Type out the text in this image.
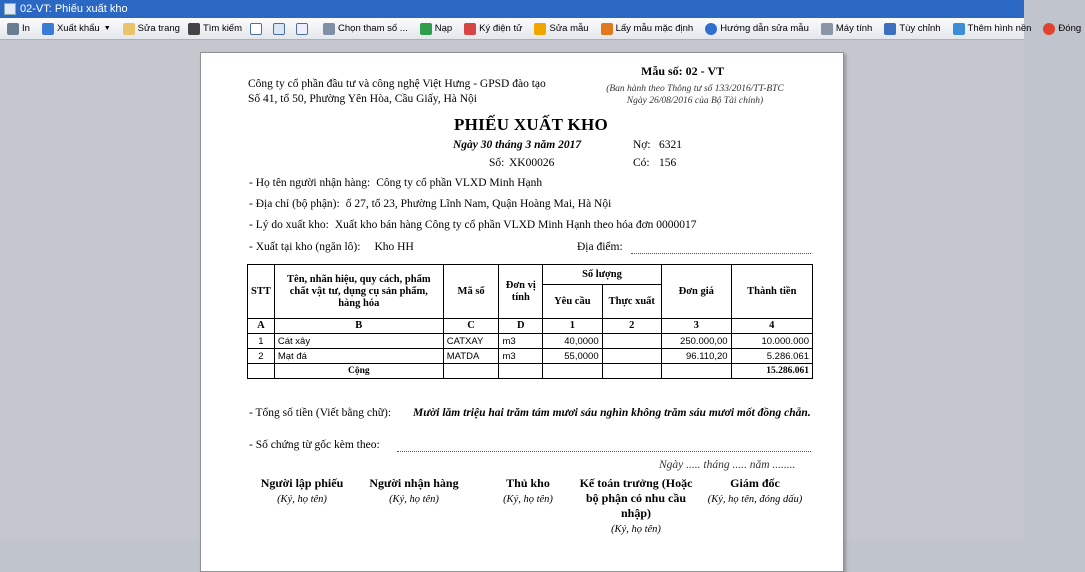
02-VT: Phiếu xuất kho
In	Xuất khẩu ▼	Sửa trang Tìm kiếm	Chọn tham số ...	Nạp	Ký điện tử	Sửa mẫu	Lấy mẫu mặc định	Hướng dẫn sửa mẫu	Máy tính	Tùy chỉnh	Thêm hình nền	Đóng
Công ty cổ phần đầu tư và công nghệ Việt Hưng - GPSD đào tạo
Số 41, tổ 50, Phường Yên Hòa, Cầu Giấy, Hà Nội
Mẫu số: 02 - VT
(Ban hành theo Thông tư số 133/2016/TT-BTC
Ngày 26/08/2016 của Bộ Tài chính)
PHIẾU XUẤT KHO
Ngày 30 tháng 3 năm 2017
Số: XK00026
Nợ: 6321
Có: 156
- Họ tên người nhận hàng: Công ty cổ phần VLXD Minh Hạnh
- Địa chỉ (bộ phận): ố 27, tổ 23, Phường Lĩnh Nam, Quận Hoàng Mai, Hà Nội
- Lý do xuất kho: Xuất kho bán hàng Công ty cổ phần VLXD Minh Hạnh theo hóa đơn 0000017
- Xuất tại kho (ngăn lô): Kho HH	Địa điểm:
STT	Tên, nhãn hiệu, quy cách, phẩm chất vật tư, dụng cụ sản phẩm, hàng hóa	Mã số	Đơn vị tính	Số lượng		Đơn giá	Thành tiền
				Yêu cầu	Thực xuất		
A	B	C	D	1	2	3	4
1	Cát xây	CATXAY	m3	40,0000		250.000,00	10.000.000
2	Mạt đá	MATDA	m3	55,0000		96.110,20	5.286.061
	Cộng						15.286.061
- Tổng số tiền (Viết bằng chữ): Mười lăm triệu hai trăm tám mươi sáu nghìn không trăm sáu mươi mốt đồng chẵn.
- Số chứng từ gốc kèm theo:
Ngày ..... tháng ..... năm ........
Người lập phiếu
(Ký, họ tên)
Người nhận hàng
(Ký, họ tên)
Thủ kho
(Ký, họ tên)
Kế toán trưởng (Hoặc bộ phận có nhu cầu nhập)
(Ký, họ tên)
Giám đốc
(Ký, họ tên, đóng dấu)
